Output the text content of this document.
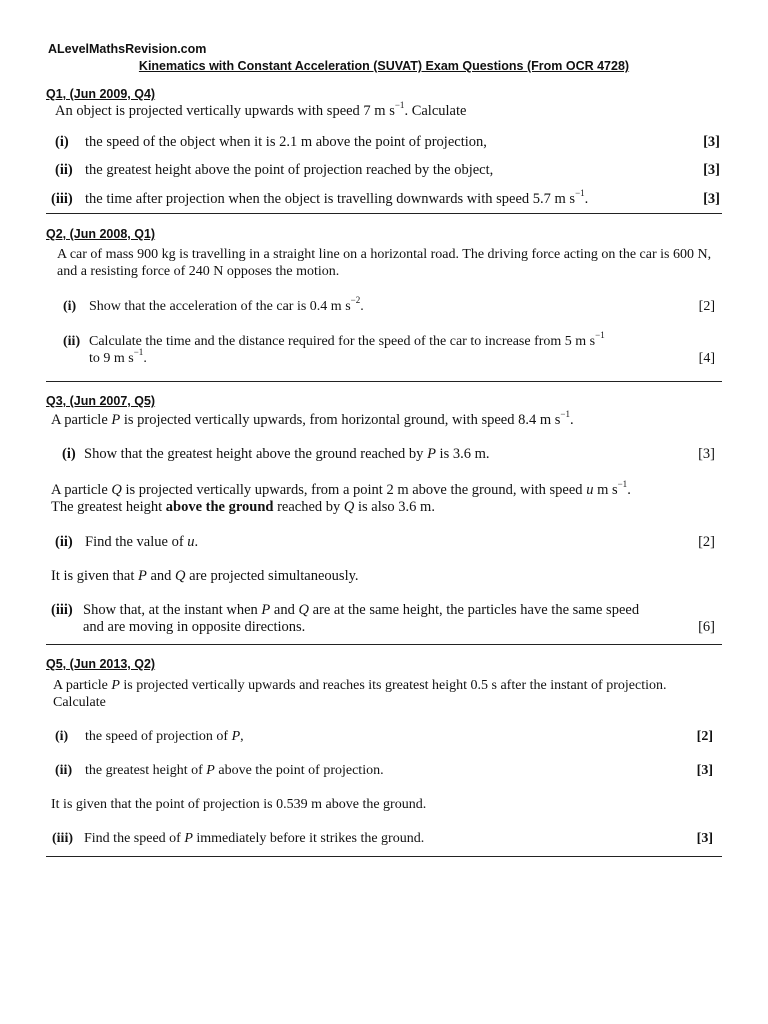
ALevelMathsRevision.com
Kinematics with Constant Acceleration (SUVAT) Exam Questions (From OCR 4728)
Q1, (Jun 2009, Q4)
An object is projected vertically upwards with speed 7 m $s^{-1}$. Calculate
(i) the speed of the object when it is 2.1 m above the point of projection,	[3]
(ii) the greatest height above the point of projection reached by the object,	[3]
(iii) the time after projection when the object is travelling downwards with speed 5.7 m $s^{-1}$.	[3]
Q2, (Jun 2008, Q1)
A car of mass 900 kg is travelling in a straight line on a horizontal road. The driving force acting on the car is 600 N, and a resisting force of 240 N opposes the motion.
(i) Show that the acceleration of the car is 0.4 m $s^{-2}$.	[2]
(ii) Calculate the time and the distance required for the speed of the car to increase from 5 m $s^{-1}$
to 9 m $s^{-1}$.	[4]
Q3, (Jun 2007, Q5)
A particle P is projected vertically upwards, from horizontal ground, with speed 8.4 m $s^{-1}$.
(i) Show that the greatest height above the ground reached by P is 3.6 m.	[3]
A particle Q is projected vertically upwards, from a point 2 m above the ground, with speed u m $s^{-1}$.
The greatest height above the ground reached by Q is also 3.6 m.
(ii) Find the value of u.	[2]
It is given that P and Q are projected simultaneously.
(iii) Show that, at the instant when P and Q are at the same height, the particles have the same speed
and are moving in opposite directions.	[6]
Q5, (Jun 2013, Q2)
A particle P is projected vertically upwards and reaches its greatest height 0.5 s after the instant of projection.
Calculate
(i) the speed of projection of P,	[2]
(ii) the greatest height of P above the point of projection.	[3]
It is given that the point of projection is 0.539 m above the ground.
(iii) Find the speed of P immediately before it strikes the ground.	[3]
